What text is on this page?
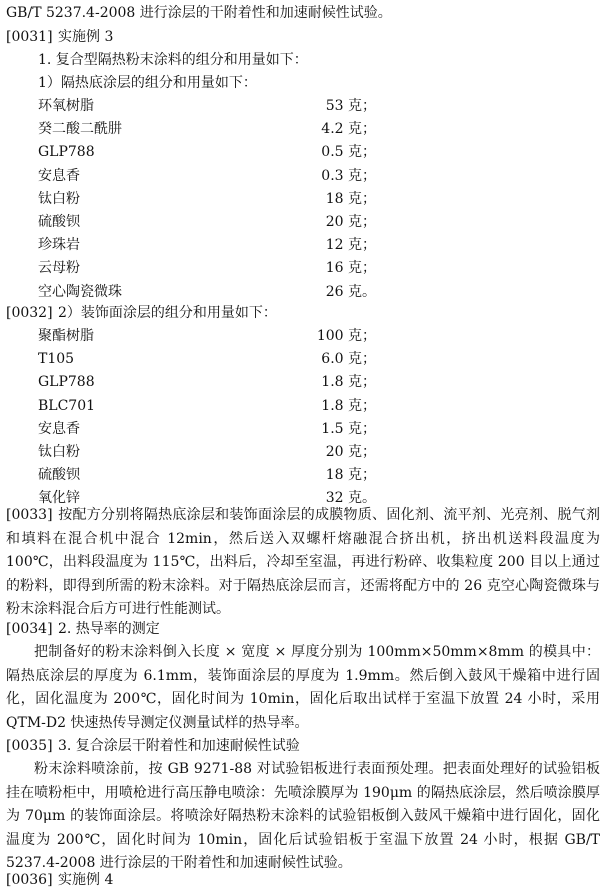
GB/T 5237.4-2008 进行涂层的干附着性和加速耐候性试验。
[0031] 实施例 3
1. 复合型隔热粉末涂料的组分和用量如下：
1）隔热底涂层的组分和用量如下：
环氧树脂	53 克；
癸二酸二酰肼	4.2 克；
GLP788	0.5 克；
安息香	0.3 克；
钛白粉	18 克；
硫酸钡	20 克；
珍珠岩	12 克；
云母粉	16 克；
空心陶瓷微珠	26 克。
[0032] 2）装饰面涂层的组分和用量如下：
聚酯树脂	100 克；
T105	6.0 克；
GLP788	1.8 克；
BLC701	1.8 克；
安息香	1.5 克；
钛白粉	20 克；
硫酸钡	18 克；
氧化锌	32 克。
[0033] 按配方分别将隔热底涂层和装饰面涂层的成膜物质、固化剂、流平剂、光亮剂、脱气剂和填料在混合机中混合 12min，然后送入双螺杆熔融混合挤出机，挤出机送料段温度为 100℃，出料段温度为 115℃，出料后，冷却至室温，再进行粉碎、收集粒度 200 目以上通过的粉料，即得到所需的粉末涂料。对于隔热底涂层而言，还需将配方中的 26 克空心陶瓷微珠与粉末涂料混合后方可进行性能测试。
[0034] 2. 热导率的测定
把制备好的粉末涂料倒入长度 × 宽度 × 厚度分别为 100mm×50mm×8mm 的模具中：隔热底涂层的厚度为 6.1mm，装饰面涂层的厚度为 1.9mm。然后倒入鼓风干燥箱中进行固化，固化温度为 200℃，固化时间为 10min，固化后取出试样于室温下放置 24 小时，采用 QTM-D2 快速热传导测定仪测量试样的热导率。
[0035] 3. 复合涂层干附着性和加速耐候性试验
粉末涂料喷涂前，按 GB 9271-88 对试验铝板进行表面预处理。把表面处理好的试验铝板挂在喷粉柜中，用喷枪进行高压静电喷涂：先喷涂膜厚为 190μm 的隔热底涂层，然后喷涂膜厚为 70μm 的装饰面涂层。将喷涂好隔热粉末涂料的试验铝板倒入鼓风干燥箱中进行固化，固化温度为 200℃，固化时间为 10min，固化后试验铝板于室温下放置 24 小时，根据 GB/T 5237.4-2008 进行涂层的干附着性和加速耐候性试验。
[0036] 实施例 4
